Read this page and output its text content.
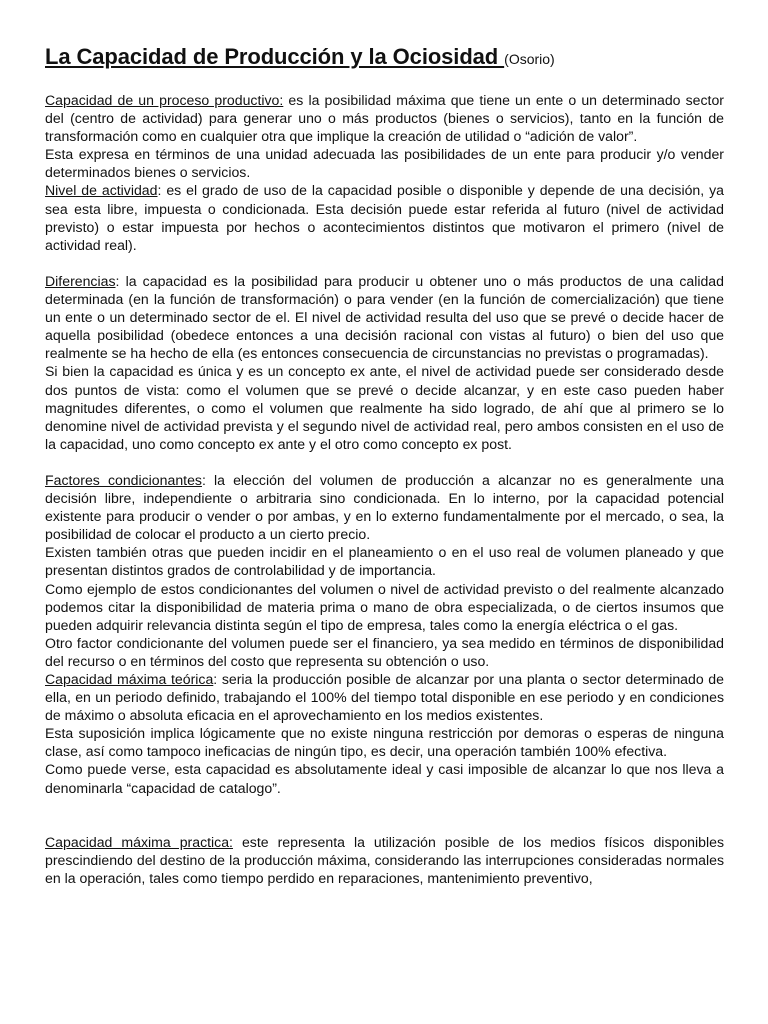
La Capacidad de Producción y la Ociosidad (Osorio)

Capacidad de un proceso productivo: es la posibilidad máxima que tiene un ente o un determinado sector del (centro de actividad) para generar uno o más productos (bienes o servicios), tanto en la función de transformación como en cualquier otra que implique la creación de utilidad o “adición de valor”.

Esta expresa en términos de una unidad adecuada las posibilidades de un ente para producir y/o vender determinados bienes o servicios.

Nivel de actividad: es el grado de uso de la capacidad posible o disponible y depende de una decisión, ya sea esta libre, impuesta o condicionada. Esta decisión puede estar referida al futuro (nivel de actividad previsto) o estar impuesta por hechos o acontecimientos distintos que motivaron el primero (nivel de actividad real).

Diferencias: la capacidad es la posibilidad para producir u obtener uno o más productos de una calidad determinada (en la función de transformación) o para vender (en la función de comercialización) que tiene un ente o un determinado sector de el. El nivel de actividad resulta del uso que se prevé o decide hacer de aquella posibilidad (obedece entonces a una decisión racional con vistas al futuro) o bien del uso que realmente se ha hecho de ella (es entonces consecuencia de circunstancias no previstas o programadas).

Si bien la capacidad es única y es un concepto ex ante, el nivel de actividad puede ser considerado desde dos puntos de vista: como el volumen que se prevé o decide alcanzar, y en este caso pueden haber magnitudes diferentes, o como el volumen que realmente ha sido logrado, de ahí que al primero se lo denomine nivel de actividad prevista y el segundo nivel de actividad real, pero ambos consisten en el uso de la capacidad, uno como concepto ex ante y el otro como concepto ex post.

Factores condicionantes: la elección del volumen de producción a alcanzar no es generalmente una decisión libre, independiente o arbitraria sino condicionada. En lo interno, por la capacidad potencial existente para producir o vender o por ambas, y en lo externo fundamentalmente por el mercado, o sea, la posibilidad de colocar el producto a un cierto precio.

Existen también otras que pueden incidir en el planeamiento o en el uso real de volumen planeado y que presentan distintos grados de controlabilidad y de importancia.

Como ejemplo de estos condicionantes del volumen o nivel de actividad previsto o del realmente alcanzado podemos citar la disponibilidad de materia prima o mano de obra especializada, o de ciertos insumos que pueden adquirir relevancia distinta según el tipo de empresa, tales como la energía eléctrica o el gas.

Otro factor condicionante del volumen puede ser el financiero, ya sea medido en términos de disponibilidad del recurso o en términos del costo que representa su obtención o uso.

Capacidad máxima teórica: seria la producción posible de alcanzar por una planta o sector determinado de ella, en un periodo definido, trabajando el 100% del tiempo total disponible en ese periodo y en condiciones de máximo o absoluta eficacia en el aprovechamiento en los medios existentes.

Esta suposición implica lógicamente que no existe ninguna restricción por demoras o esperas de ninguna clase, así como tampoco ineficacias de ningún tipo, es decir, una operación también 100% efectiva.

Como puede verse, esta capacidad es absolutamente ideal y casi imposible de alcanzar lo que nos lleva a denominarla “capacidad de catalogo”.

Capacidad máxima practica: este representa la utilización posible de los medios físicos disponibles prescindiendo del destino de la producción máxima, considerando las interrupciones consideradas normales en la operación, tales como tiempo perdido en reparaciones, mantenimiento preventivo,
